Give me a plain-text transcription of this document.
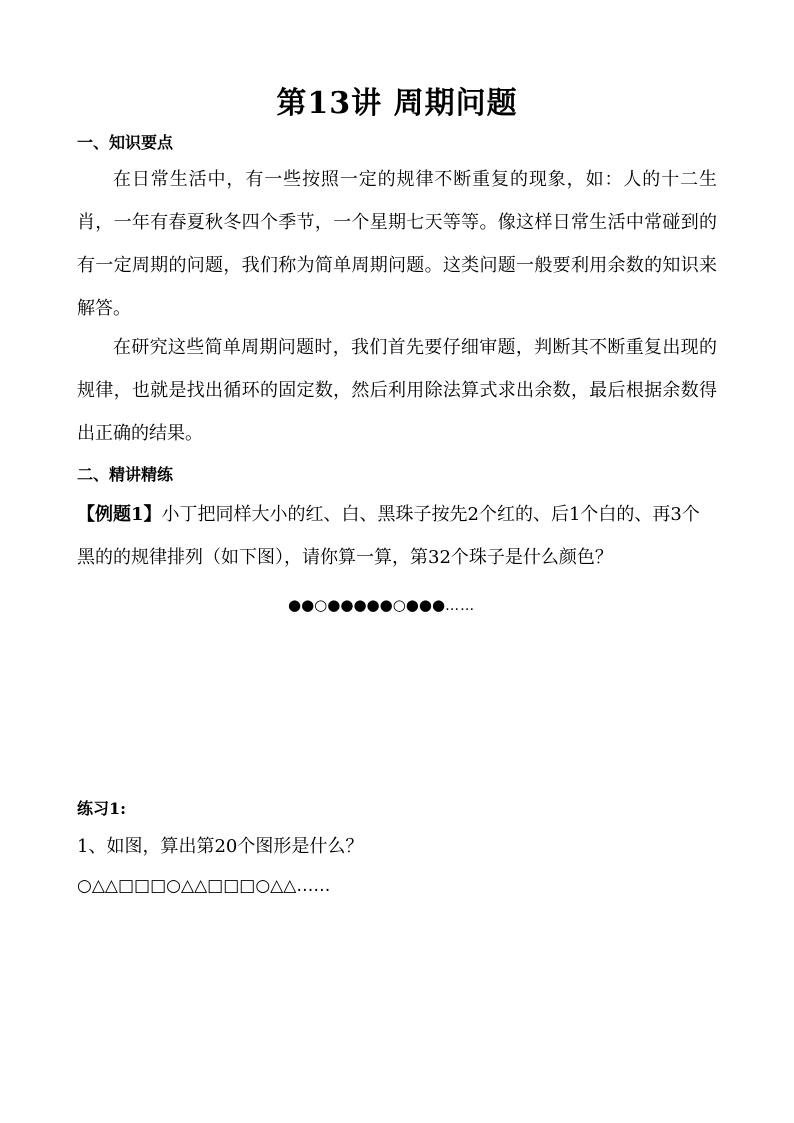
第13讲 周期问题
一、知识要点

在日常生活中，有一些按照一定的规律不断重复的现象，如：人的十二生肖，一年有春夏秋冬四个季节，一个星期七天等等。像这样日常生活中常碰到的有一定周期的问题，我们称为简单周期问题。这类问题一般要利用余数的知识来解答。

在研究这些简单周期问题时，我们首先要仔细审题，判断其不断重复出现的规律，也就是找出循环的固定数，然后利用除法算式求出余数，最后根据余数得出正确的结果。

二、精讲精练
【例题1】小丁把同样大小的红、白、黑珠子按先2个红的、后1个白的、再3个黑的的规律排列（如下图），请你算一算，第32个珠子是什么颜色？
●●○●●●●●○●●●……
练习1:
1、如图，算出第20个图形是什么？
○△△□□□○△△□□□○△△……
